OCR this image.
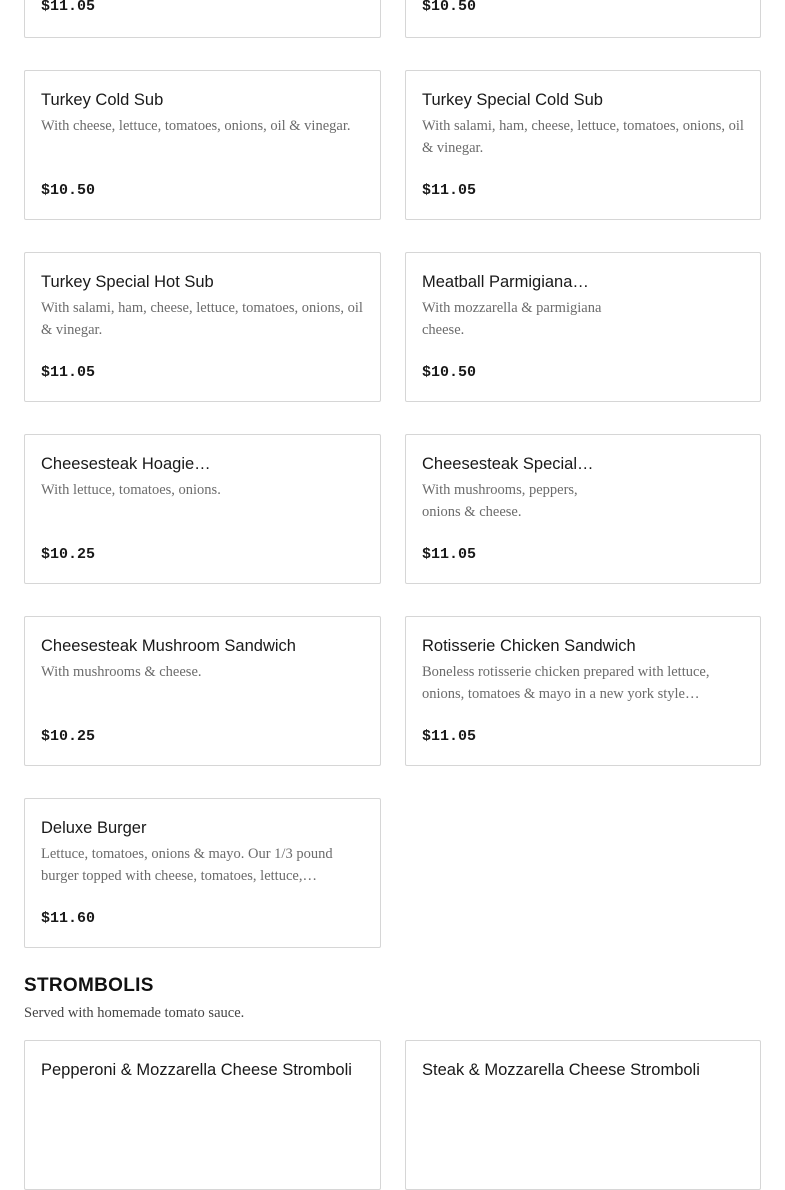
$11.05	$10.50
Turkey Cold Sub
With cheese, lettuce, tomatoes, onions, oil & vinegar.
$10.50
Turkey Special Cold Sub
With salami, ham, cheese, lettuce, tomatoes, onions, oil & vinegar.
$11.05
Turkey Special Hot Sub
With salami, ham, cheese, lettuce, tomatoes, onions, oil & vinegar.
$11.05
Meatball Parmigiana…
With mozzarella & parmigiana cheese.
$10.50
Cheesesteak Hoagie…
With lettuce, tomatoes, onions.
$10.25
Cheesesteak Special…
With mushrooms, peppers, onions & cheese.
$11.05
Cheesesteak Mushroom Sandwich
With mushrooms & cheese.
$10.25
Rotisserie Chicken Sandwich
Boneless rotisserie chicken prepared with lettuce, onions, tomatoes & mayo in a new york style…
$11.05
Deluxe Burger
Lettuce, tomatoes, onions & mayo. Our 1/3 pound burger topped with cheese, tomatoes, lettuce,…
$11.60
STROMBOLIS

Served with homemade tomato sauce.

Pepperoni & Mozzarella Cheese Stromboli	Steak & Mozzarella Cheese Stromboli
